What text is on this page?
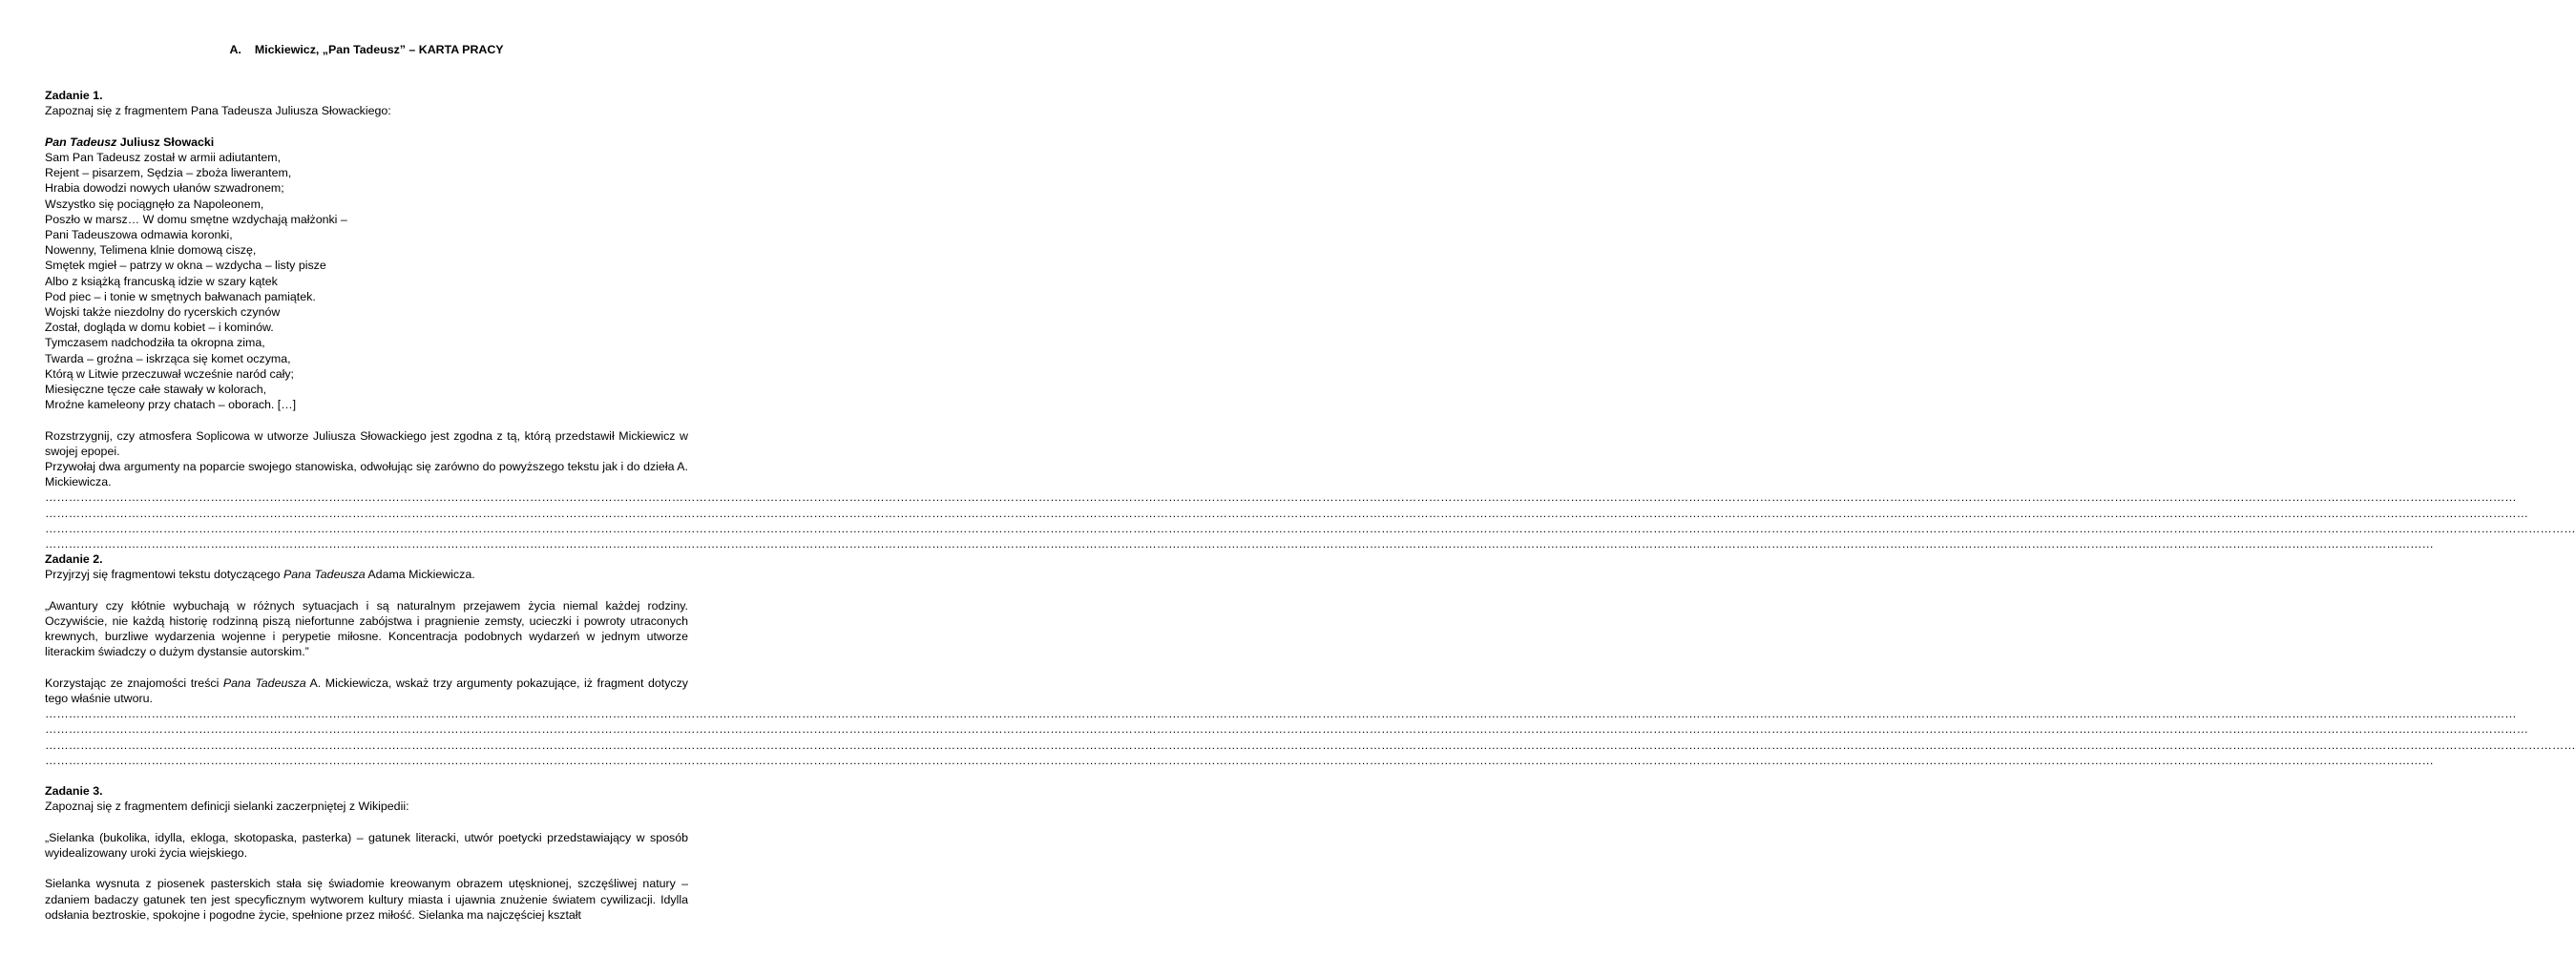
A. Mickiewicz, „Pan Tadeusz” – KARTA PRACY

Zadanie 1.

Zapoznaj się z fragmentem Pana Tadeusza Juliusza Słowackiego:

Pan Tadeusz Juliusz Słowacki

Sam Pan Tadeusz został w armii adiutantem,

Rejent – pisarzem, Sędzia – zboża liwerantem,

Hrabia dowodzi nowych ułanów szwadronem;

Wszystko się pociągnęło za Napoleonem,

Poszło w marsz… W domu smętne wzdychają małżonki –

Pani Tadeuszowa odmawia koronki,

Nowenny, Telimena klnie domową ciszę,

Smętek mgieł – patrzy w okna – wzdycha – listy pisze

Albo z książką francuską idzie w szary kątek

Pod piec – i tonie w smętnych bałwanach pamiątek.

Wojski także niezdolny do rycerskich czynów

Został, dogląda w domu kobiet – i kominów.

Tymczasem nadchodziła ta okropna zima,

Twarda – groźna – iskrząca się komet oczyma,

Którą w Litwie przeczuwał wcześnie naród cały;

Miesięczne tęcze całe stawały w kolorach,

Mroźne kameleony przy chatach – oborach. […]

Rozstrzygnij, czy atmosfera Soplicowa w utworze Juliusza Słowackiego jest zgodna z tą, którą przedstawił Mickiewicz w swojej epopei.

Przywołaj dwa argumenty na poparcie swojego stanowiska, odwołując się zarówno do powyższego tekstu jak i do dzieła A. Mickiewicza.

……………………………………………………………………………………………………………………………………………………………………………………………………………………………………………………………………………………………………………………………………………………………………………………………………………………………………………………………………………………………………………………………………………………………………………

………………………………………………………………………………………………………………………………………………………………………………………………………………………………………………………………………………………………………………………………………………………………………………………………………………………………………………………………………………………………………………………………………………………………………………

…………………………………………………………………………………………………………………………………………………………………………………………………………………………………………………………………………………………………………………………………………………………………………………………………………………………………………………………………………………………………………………………………………………………………………………………

…………………………………………………………………………………………………………………………………………………………………………………………………………………………………………………………………………………………………………………………………………………………………………………………………………………………………………………………………………………………………………………………………………………………

Zadanie 2.

Przyjrzyj się fragmentowi tekstu dotyczącego Pana Tadeusza Adama Mickiewicza.

„Awantury czy kłótnie wybuchają w różnych sytuacjach i są naturalnym przejawem życia niemal każdej rodziny. Oczywiście, nie każdą historię rodzinną piszą niefortunne zabójstwa i pragnienie zemsty, ucieczki i powroty utraconych krewnych, burzliwe wydarzenia wojenne i perypetie miłosne. Koncentracja podobnych wydarzeń w jednym utworze literackim świadczy o dużym dystansie autorskim.”

Korzystając ze znajomości treści Pana Tadeusza A. Mickiewicza, wskaż trzy argumenty pokazujące, iż fragment dotyczy tego właśnie utworu.

……………………………………………………………………………………………………………………………………………………………………………………………………………………………………………………………………………………………………………………………………………………………………………………………………………………………………………………………………………………………………………………………………………………………………………

………………………………………………………………………………………………………………………………………………………………………………………………………………………………………………………………………………………………………………………………………………………………………………………………………………………………………………………………………………………………………………………………………………………………………………

…………………………………………………………………………………………………………………………………………………………………………………………………………………………………………………………………………………………………………………………………………………………………………………………………………………………………………………………………………………………………………………………………………………………………………………………

…………………………………………………………………………………………………………………………………………………………………………………………………………………………………………………………………………………………………………………………………………………………………………………………………………………………………………………………………………………………………………………………………………………………

Zadanie 3.

Zapoznaj się z fragmentem definicji sielanki zaczerpniętej z Wikipedii:

„Sielanka (bukolika, idylla, ekloga, skotopaska, pasterka) – gatunek literacki, utwór poetycki przedstawiający w sposób wyidealizowany uroki życia wiejskiego.

Sielanka wysnuta z piosenek pasterskich stała się świadomie kreowanym obrazem utęsknionej, szczęśliwej natury – zdaniem badaczy gatunek ten jest specyficznym wytworem kultury miasta i ujawnia znużenie światem cywilizacji. Idylla odsłania beztroskie, spokojne i pogodne życie, spełnione przez miłość. Sielanka ma najczęściej kształt
